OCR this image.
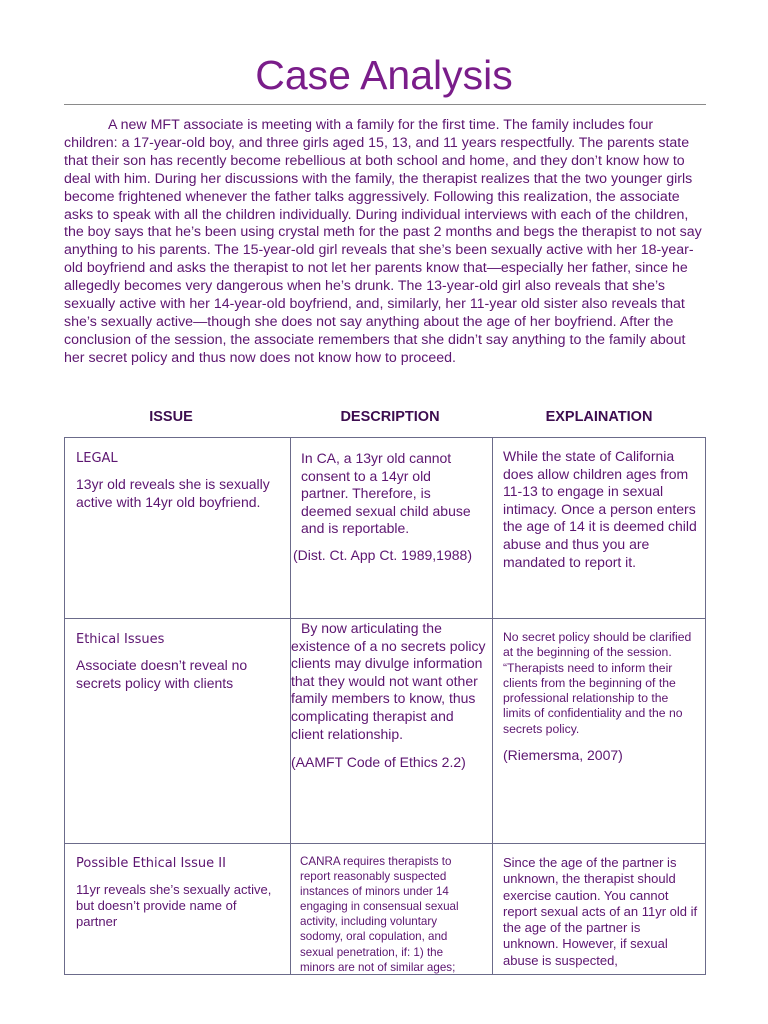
Case Analysis

A new MFT associate is meeting with a family for the first time. The family includes four children: a 17-year-old boy, and three girls aged 15, 13, and 11 years respectfully. The parents state that their son has recently become rebellious at both school and home, and they don’t know how to deal with him. During her discussions with the family, the therapist realizes that the two younger girls become frightened whenever the father talks aggressively. Following this realization, the associate asks to speak with all the children individually. During individual interviews with each of the children, the boy says that he’s been using crystal meth for the past 2 months and begs the therapist to not say anything to his parents. The 15-year-old girl reveals that she’s been sexually active with her 18-year-old boyfriend and asks the therapist to not let her parents know that—especially her father, since he allegedly becomes very dangerous when he’s drunk. The 13-year-old girl also reveals that she’s sexually active with her 14-year-old boyfriend, and, similarly, her 11-year old sister also reveals that she’s sexually active—though she does not say anything about the age of her boyfriend. After the conclusion of the session, the associate remembers that she didn’t say anything to the family about her secret policy and thus now does not know how to proceed.

ISSUE	DESCRIPTION	EXPLAINATION

LEGAL

13yr old reveals she is sexually active with 14yr old boyfriend.

In CA, a 13yr old cannot consent to a 14yr old partner. Therefore, is deemed sexual child abuse and is reportable.

(Dist. Ct. App Ct. 1989,1988)

While the state of California does allow children ages from 11-13 to engage in sexual intimacy. Once a person enters the age of 14 it is deemed child abuse and thus you are mandated to report it.

Ethical Issues

Associate doesn’t reveal no secrets policy with clients

By now articulating the existence of a no secrets policy clients may divulge information that they would not want other family members to know, thus complicating therapist and client relationship.

(AAMFT Code of Ethics 2.2)

No secret policy should be clarified at the beginning of the session. “Therapists need to inform their clients from the beginning of the professional relationship to the limits of confidentiality and the no secrets policy.

(Riemersma, 2007)

Possible Ethical Issue II

11yr reveals she’s sexually active, but doesn’t provide name of partner

CANRA requires therapists to report reasonably suspected instances of minors under 14 engaging in consensual sexual activity, including voluntary sodomy, oral copulation, and sexual penetration, if: 1) the minors are not of similar ages;

Since the age of the partner is unknown, the therapist should exercise caution. You cannot report sexual acts of an 11yr old if the age of the partner is unknown. However, if sexual abuse is suspected,
